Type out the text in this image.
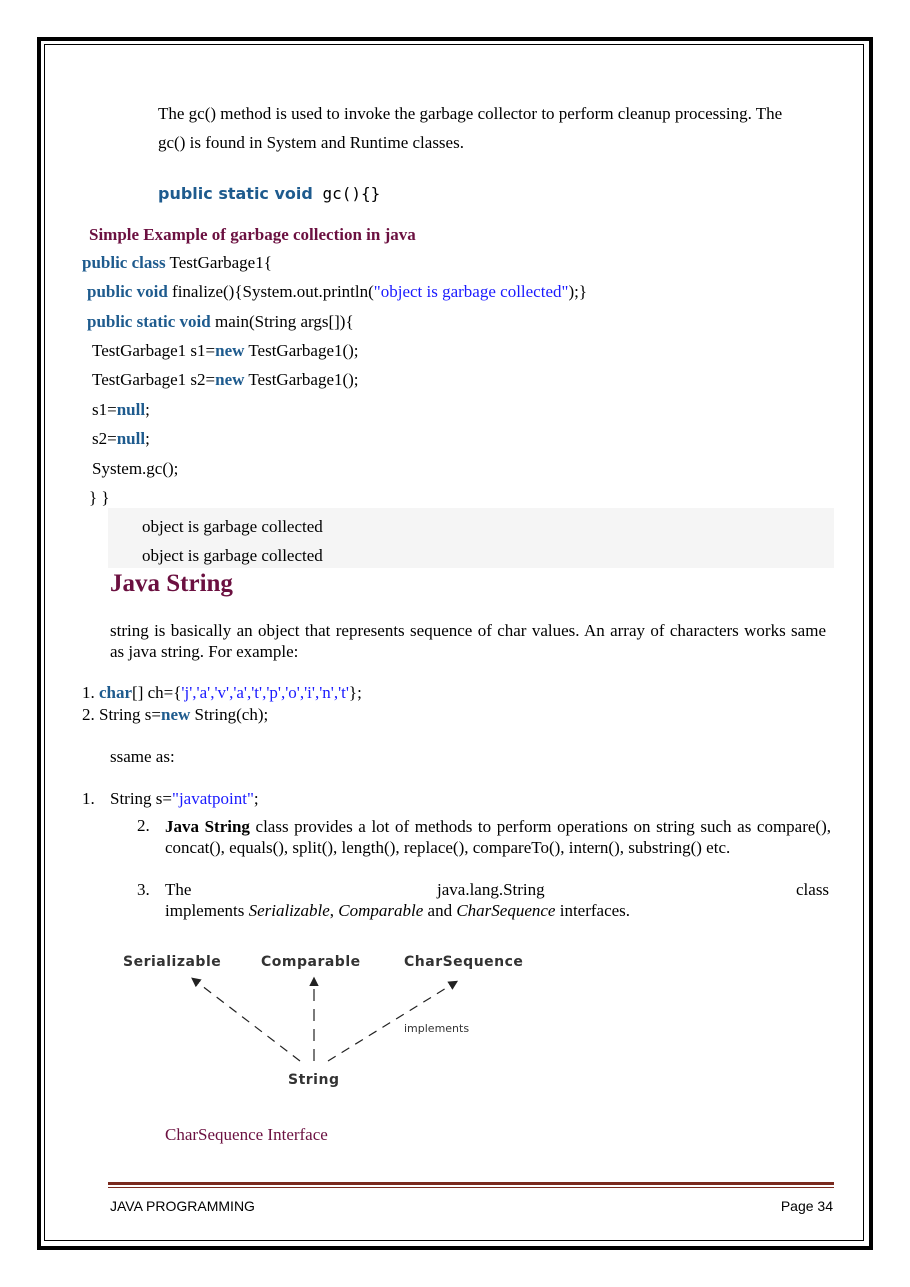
The gc() method is used to invoke the garbage collector to perform cleanup processing. The
gc() is found in System and Runtime classes.
public static void gc(){}
Simple Example of garbage collection in java
public class TestGarbage1{
public void finalize(){System.out.println("object is garbage collected");}
public static void main(String args[]){
TestGarbage1 s1=new TestGarbage1();
TestGarbage1 s2=new TestGarbage1();
s1=null;
s2=null;
System.gc();
} }
object is garbage collected
object is garbage collected
Java String
string is basically an object that represents sequence of char values. An array of characters works same as java string. For example:
1. char[] ch={'j','a','v','a','t','p','o','i','n','t'};
2. String s=new String(ch);
ssame as:
1. String s="javatpoint";
2. Java String class provides a lot of methods to perform operations on string such as compare(), concat(), equals(), split(), length(), replace(), compareTo(), intern(), substring() etc.
3. The	java.lang.String	class
implements Serializable, Comparable and CharSequence interfaces.
Serializable	Comparable	CharSequence
implements
String
CharSequence Interface
JAVA PROGRAMMING	Page 34
